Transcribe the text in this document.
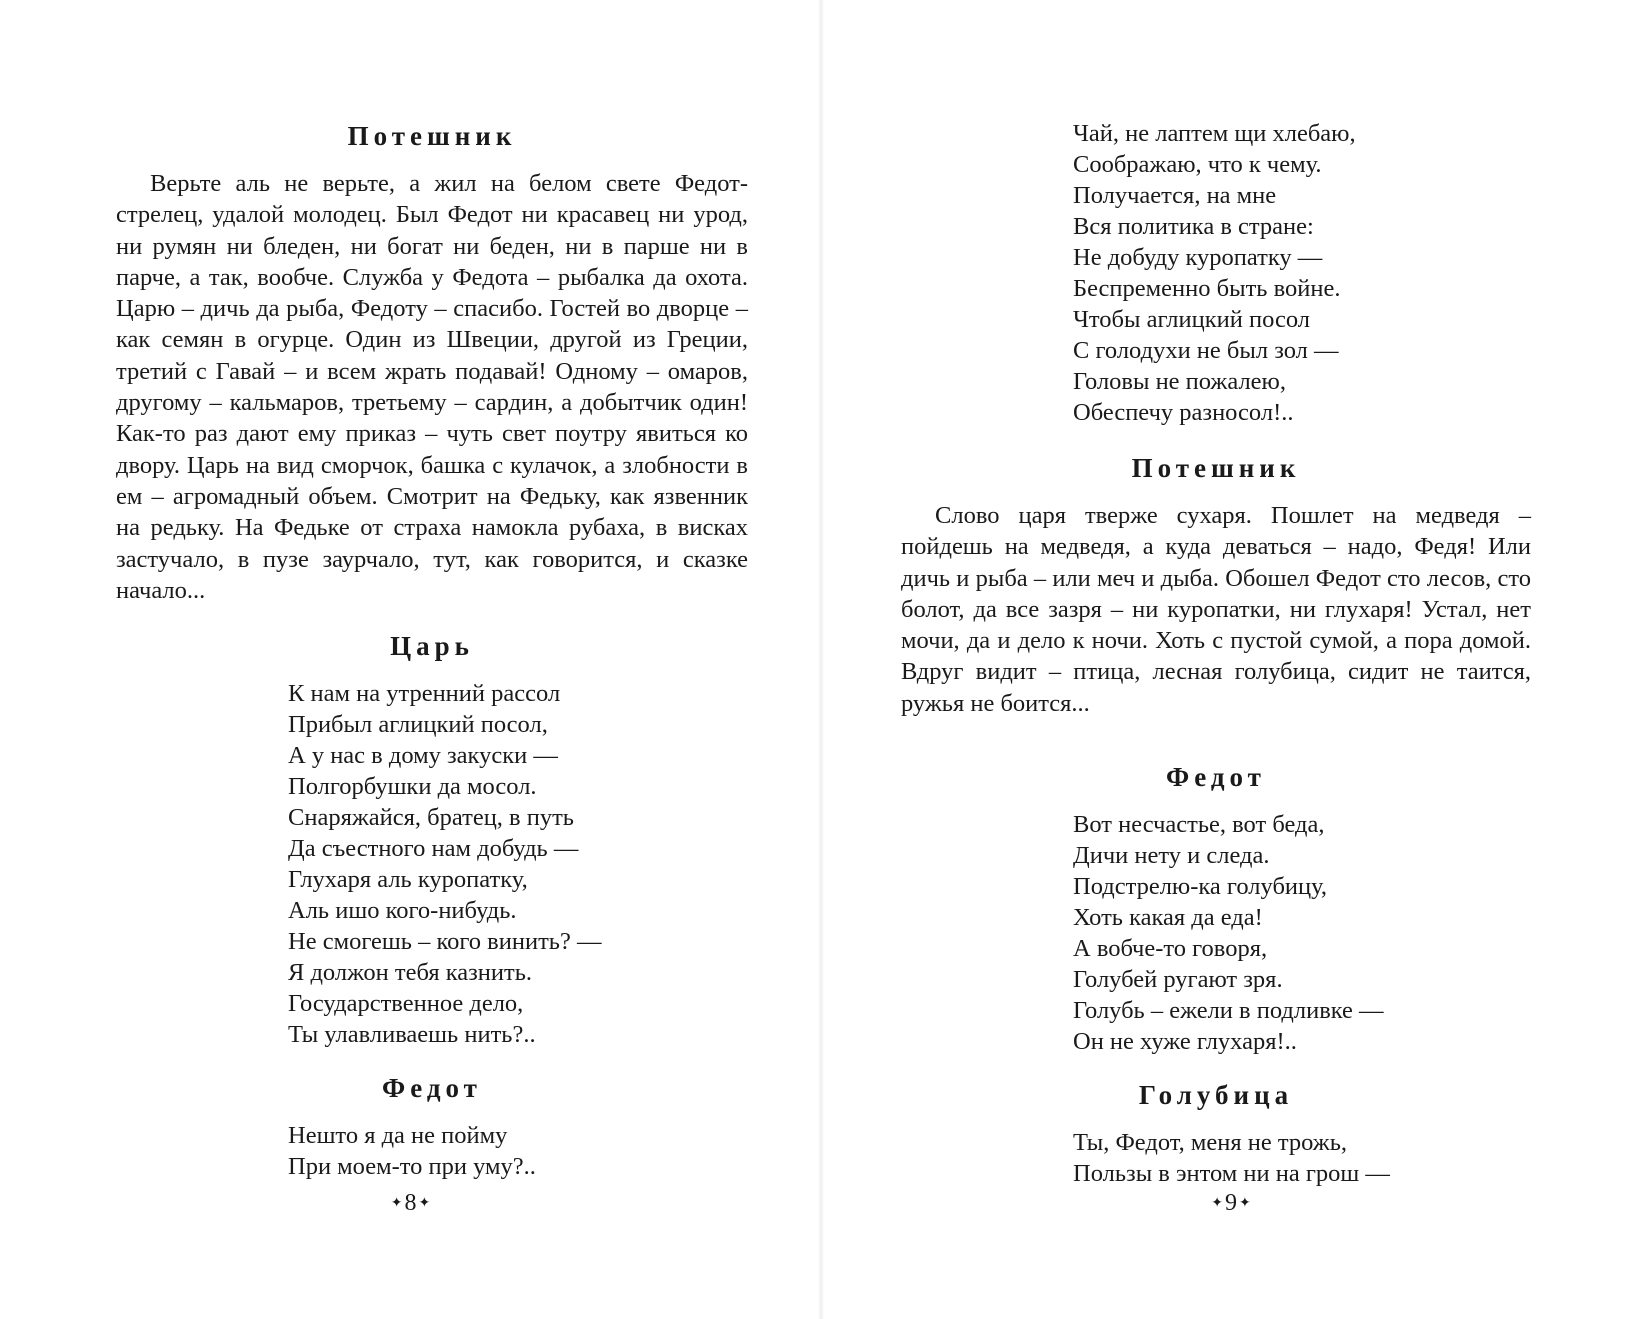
Потешник

Верьте аль не верьте, а жил на белом свете Федот-стрелец, удалой молодец. Был Федот ни красавец ни урод, ни румян ни бледен, ни богат ни беден, ни в парше ни в парче, а так, вообче. Служба у Федота – рыбалка да охота. Царю – дичь да рыба, Федоту – спасибо. Гостей во дворце – как семян в огурце. Один из Швеции, другой из Греции, третий с Гавай – и всем жрать подавай! Одному – омаров, другому – кальмаров, третьему – сардин, а добытчик один! Как-то раз дают ему приказ – чуть свет поутру явиться ко двору. Царь на вид сморчок, башка с кулачок, а злобности в ем – агромадный объем. Смотрит на Федьку, как язвенник на редьку. На Федьке от страха намокла рубаха, в висках застучало, в пузе заурчало, тут, как говорится, и сказке начало...

Царь
К нам на утренний рассол
Прибыл аглицкий посол,
А у нас в дому закуски —
Полгорбушки да мосол.
Снаряжайся, братец, в путь
Да съестного нам добудь —
Глухаря аль куропатку,
Аль ишо кого-нибудь.
Не смогешь – кого винить? —
Я должон тебя казнить.
Государственное дело,
Ты улавливаешь нить?..
Федот
Нешто я да не пойму
При моем-то при уму?..
✦8 ✦
Чай, не лаптем щи хлебаю,
Соображаю, что к чему.
Получается, на мне
Вся политика в стране:
Не добуду куропатку —
Беспременно быть войне.
Чтобы аглицкий посол
С голодухи не был зол —
Головы не пожалею,
Обеспечу разносол!..
Потешник

Слово царя тверже сухаря. Пошлет на медведя – пойдешь на медведя, а куда деваться – надо, Федя! Или дичь и рыба – или меч и дыба. Обошел Федот сто лесов, сто болот, да все зазря – ни куропатки, ни глухаря! Устал, нет мочи, да и дело к ночи. Хоть с пустой сумой, а пора домой. Вдруг видит – птица, лесная голубица, сидит не таится, ружья не боится...

Федот
Вот несчастье, вот беда,
Дичи нету и следа.
Подстрелю-ка голубицу,
Хоть какая да еда!
А вобче-то говоря,
Голубей ругают зря.
Голубь – ежели в подливке —
Он не хуже глухаря!..
Голубица
Ты, Федот, меня не трожь,
Пользы в энтом ни на грош —
✦9 ✦
